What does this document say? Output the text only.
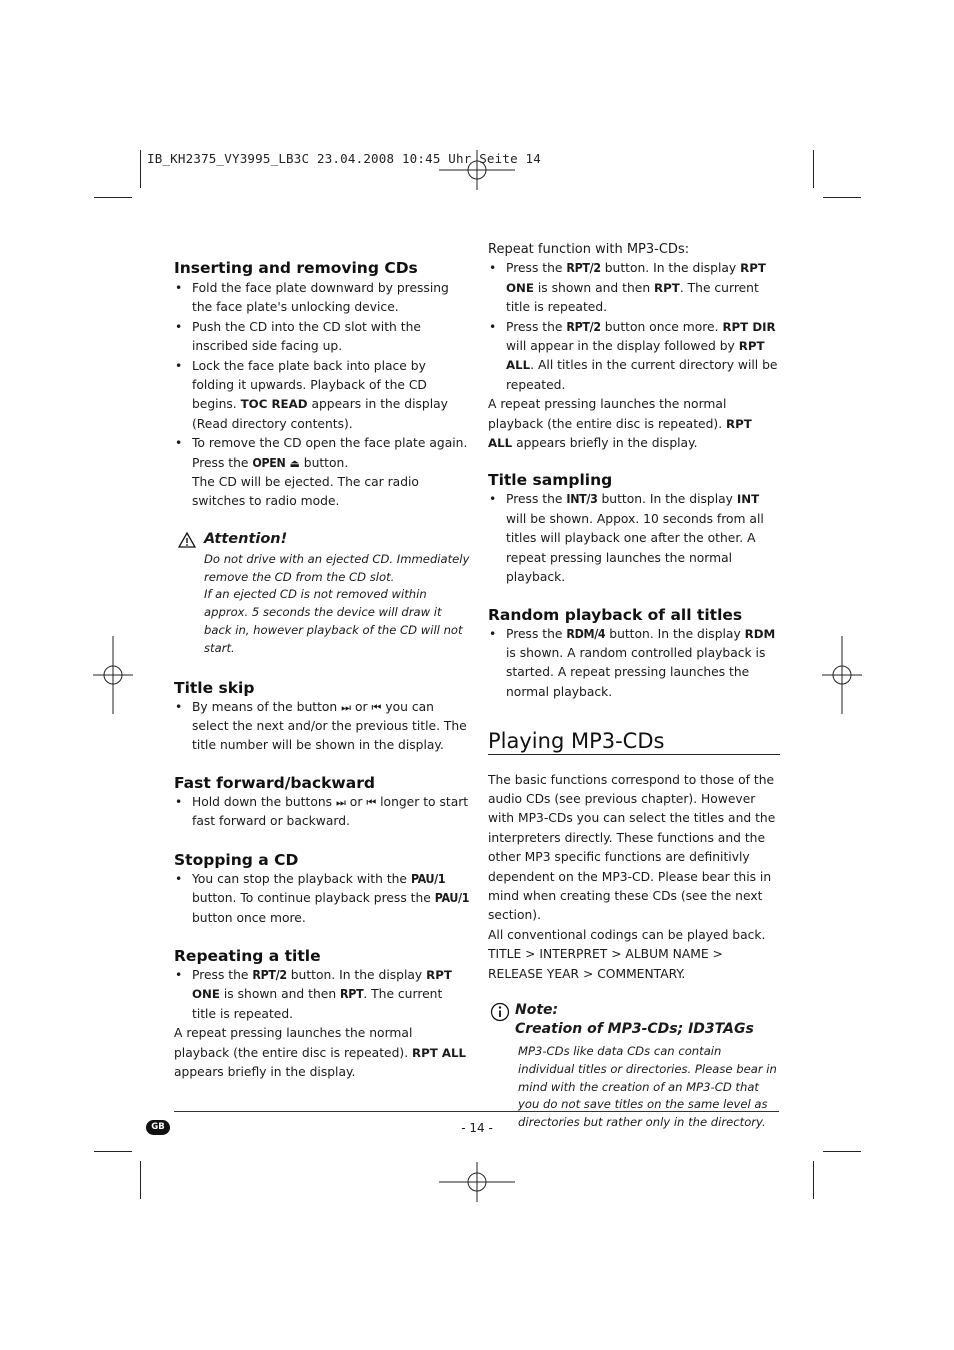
IB_KH2375_VY3995_LB3C 23.04.2008 10:45 Uhr Seite 14
Inserting and removing CDs
• Fold the face plate downward by pressing the face plate's unlocking device.
• Push the CD into the CD slot with the inscribed side facing up.
• Lock the face plate back into place by folding it upwards. Playback of the CD begins. TOC READ appears in the display (Read directory contents).
• To remove the CD open the face plate again. Press the OPEN ⏏ button.
The CD will be ejected. The car radio switches to radio mode.
Attention!

Do not drive with an ejected CD. Immediately remove the CD from the CD slot.

If an ejected CD is not removed within approx. 5 seconds the device will draw it back in, however playback of the CD will not start.

Title skip
• By means of the button ⏭ or ⏮ you can select the next and/or the previous title. The title number will be shown in the display.
Fast forward/backward
• Hold down the buttons ⏭ or ⏮ longer to start fast forward or backward.
Stopping a CD
• You can stop the playback with the PAU/1 button. To continue playback press the PAU/1 button once more.
Repeating a title
• Press the RPT/2 button. In the display RPT ONE is shown and then RPT. The current title is repeated.

A repeat pressing launches the normal playback (the entire disc is repeated). RPT ALL appears briefly in the display.

Repeat function with MP3-CDs:

• Press the RPT/2 button. In the display RPT ONE is shown and then RPT. The current title is repeated.
• Press the RPT/2 button once more. RPT DIR will appear in the display followed by RPT ALL. All titles in the current directory will be repeated.

A repeat pressing launches the normal playback (the entire disc is repeated). RPT ALL appears briefly in the display.

Title sampling
• Press the INT/3 button. In the display INT will be shown. Appox. 10 seconds from all titles will playback one after the other. A repeat pressing launches the normal playback.
Random playback of all titles
• Press the RDM/4 button. In the display RDM is shown. A random controlled playback is started. A repeat pressing launches the normal playback.
Playing MP3-CDs

The basic functions correspond to those of the audio CDs (see previous chapter). However with MP3-CDs you can select the titles and the interpreters directly. These functions and the other MP3 specific functions are definitivly dependent on the MP3-CD. Please bear this in mind when creating these CDs (see the next section).

All conventional codings can be played back.

TITLE > INTERPRET > ALBUM NAME >

RELEASE YEAR > COMMENTARY.

Note:
Creation of MP3-CDs; ID3TAGs
MP3-CDs like data CDs can contain individual titles or directories. Please bear in mind with the creation of an MP3-CD that you do not save titles on the same level as directories but rather only in the directory.
GB	- 14 -
